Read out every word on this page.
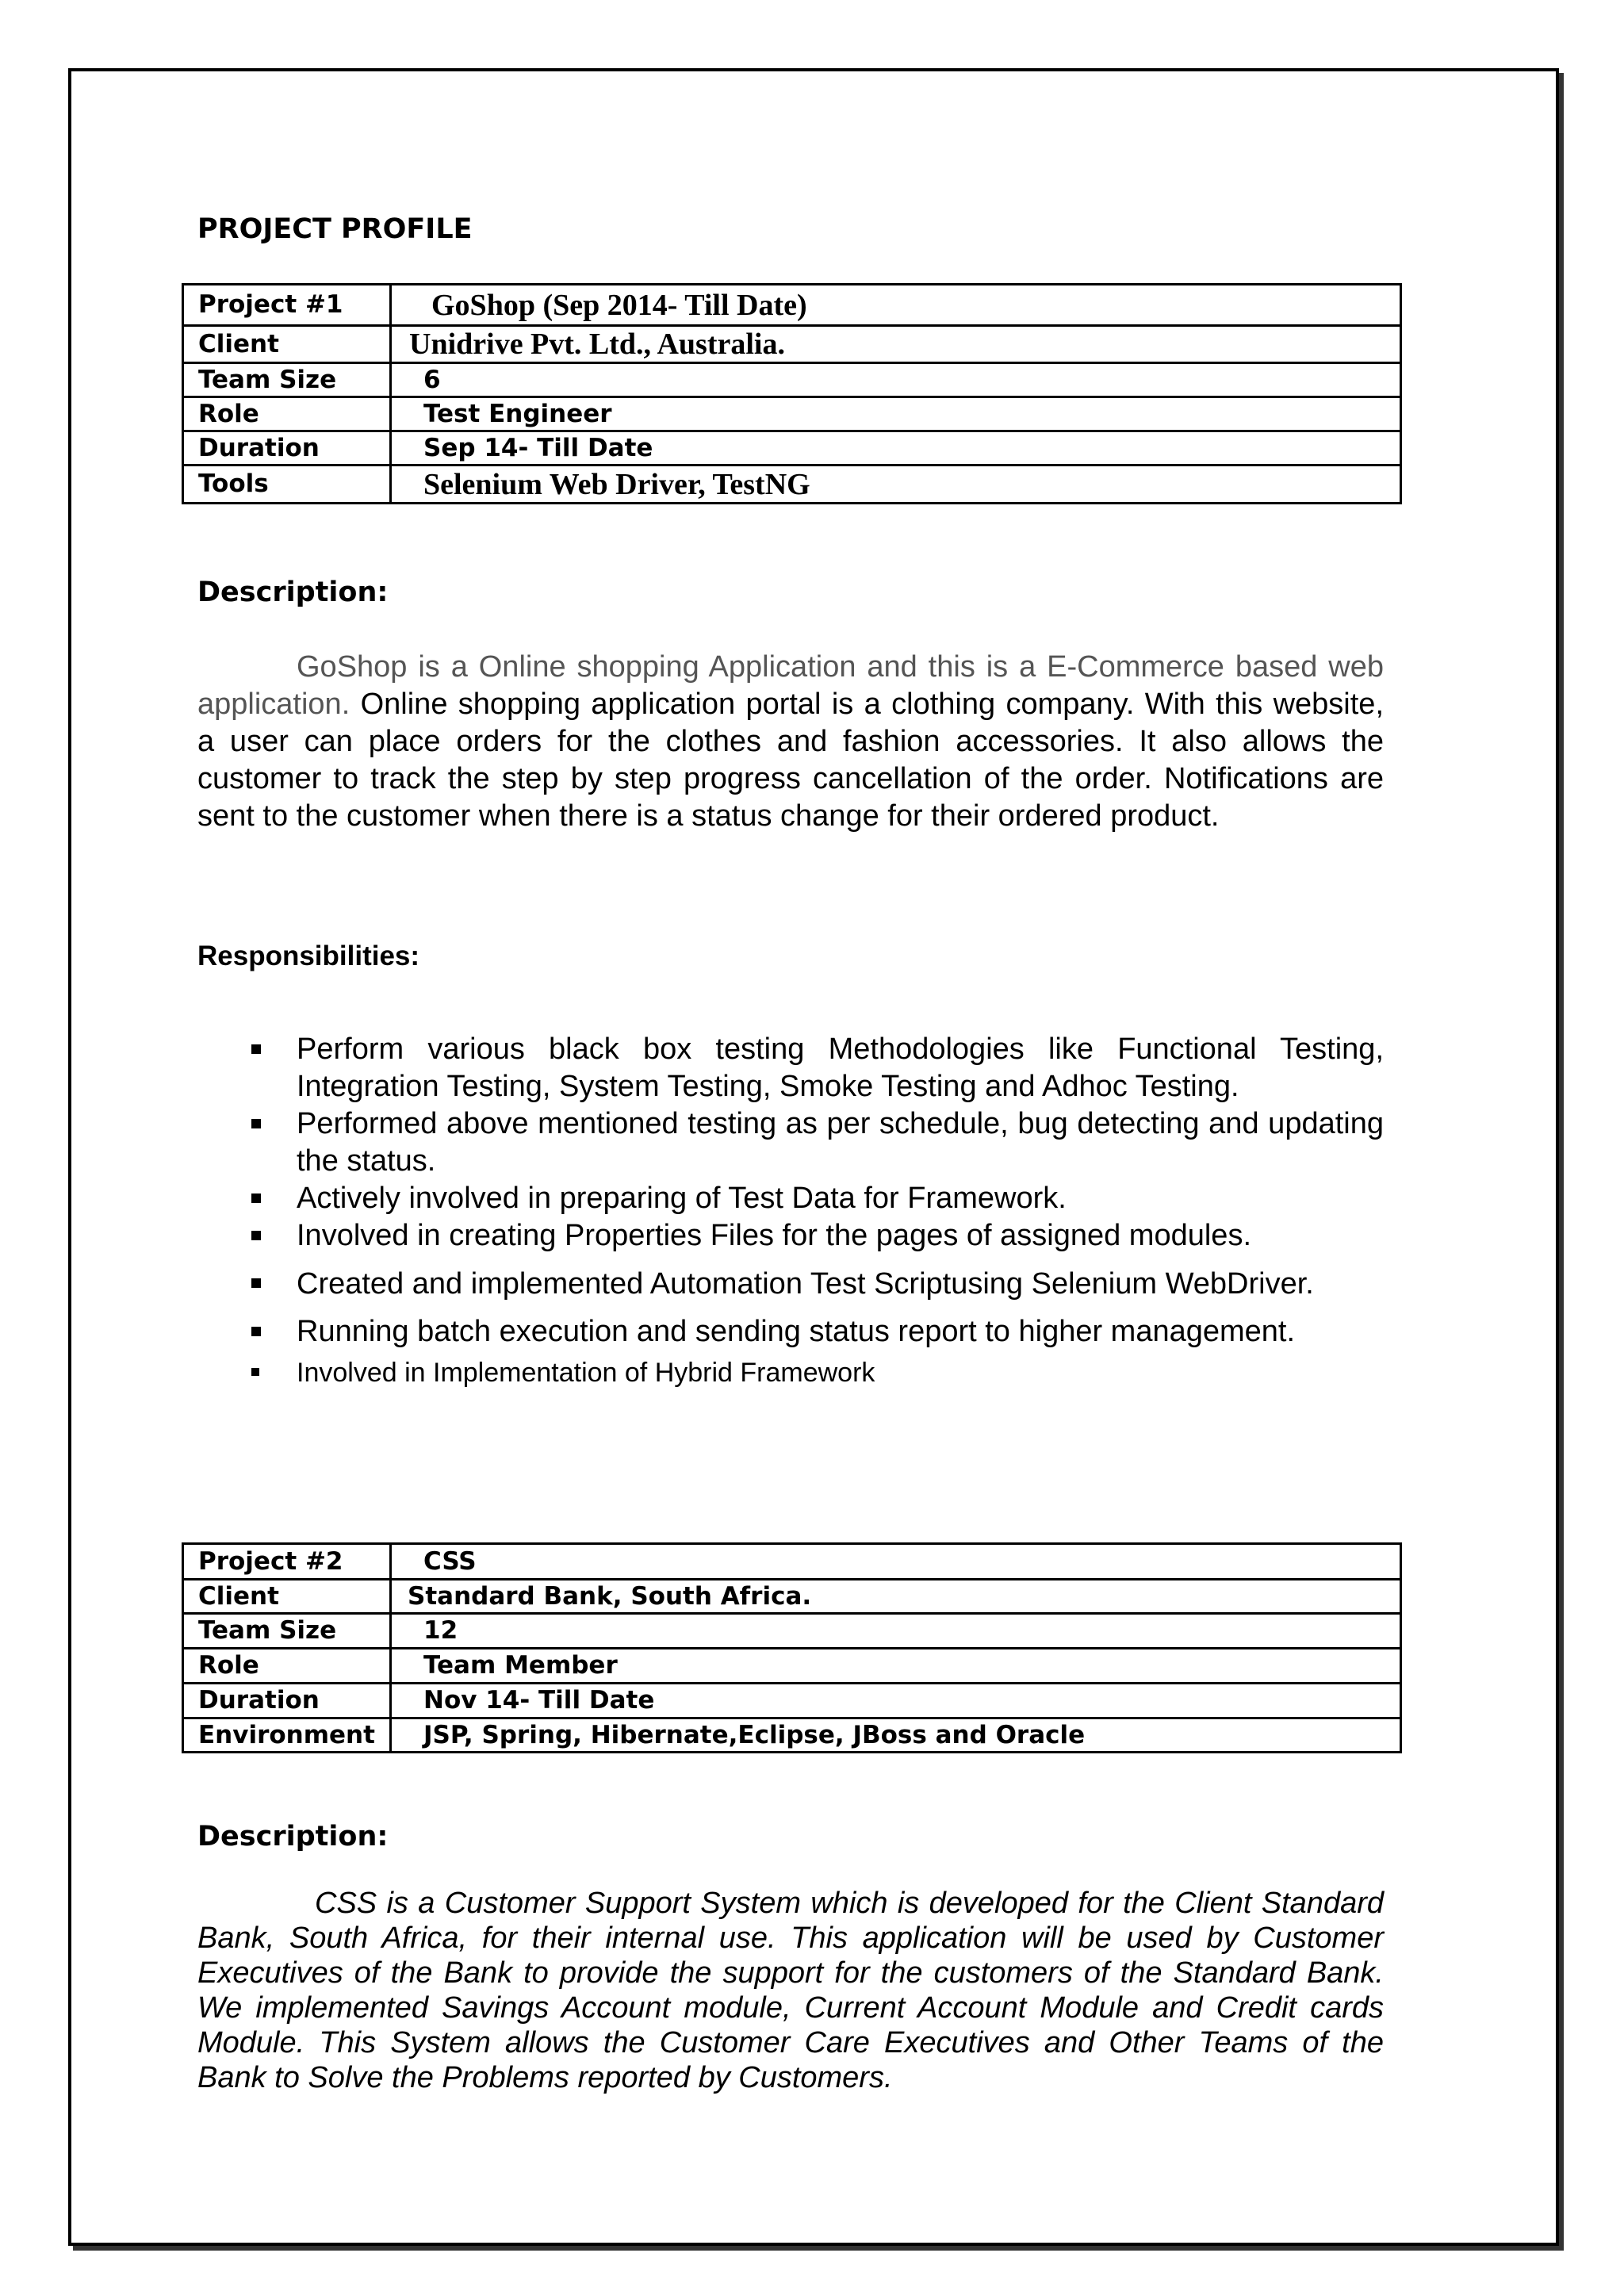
PROJECT PROFILE
Project #1	GoShop (Sep 2014- Till Date)
Client	Unidrive Pvt. Ltd., Australia.
Team Size	6
Role	Test Engineer
Duration	Sep 14- Till Date
Tools	Selenium Web Driver, TestNG
Description:
GoShop is a Online shopping Application and this is a E-Commerce based web application. Online shopping application portal is a clothing company. With this website, a user can place orders for the clothes and fashion accessories. It also allows the customer to track the step by step progress cancellation of the order. Notifications are sent to the customer when there is a status change for their ordered product.
Responsibilities:
Perform various black box testing Methodologies like Functional Testing, Integration Testing, System Testing, Smoke Testing and Adhoc Testing.
Performed above mentioned testing as per schedule, bug detecting and updating the status.
Actively involved in preparing of Test Data for Framework.
Involved in creating Properties Files for the pages of assigned modules.
Created and implemented Automation Test Scriptusing Selenium WebDriver.
Running batch execution and sending status report to higher management.
Involved in Implementation of Hybrid Framework
Project #2	CSS
Client	Standard Bank, South Africa.
Team Size	12
Role	Team Member
Duration	Nov 14- Till Date
Environment	JSP, Spring, Hibernate,Eclipse, JBoss and Oracle
Description:
CSS is a Customer Support System which is developed for the Client Standard Bank, South Africa, for their internal use. This application will be used by Customer Executives of the Bank to provide the support for the customers of the Standard Bank. We implemented Savings Account module, Current Account Module and Credit cards Module. This System allows the Customer Care Executives and Other Teams of the Bank to Solve the Problems reported by Customers.
